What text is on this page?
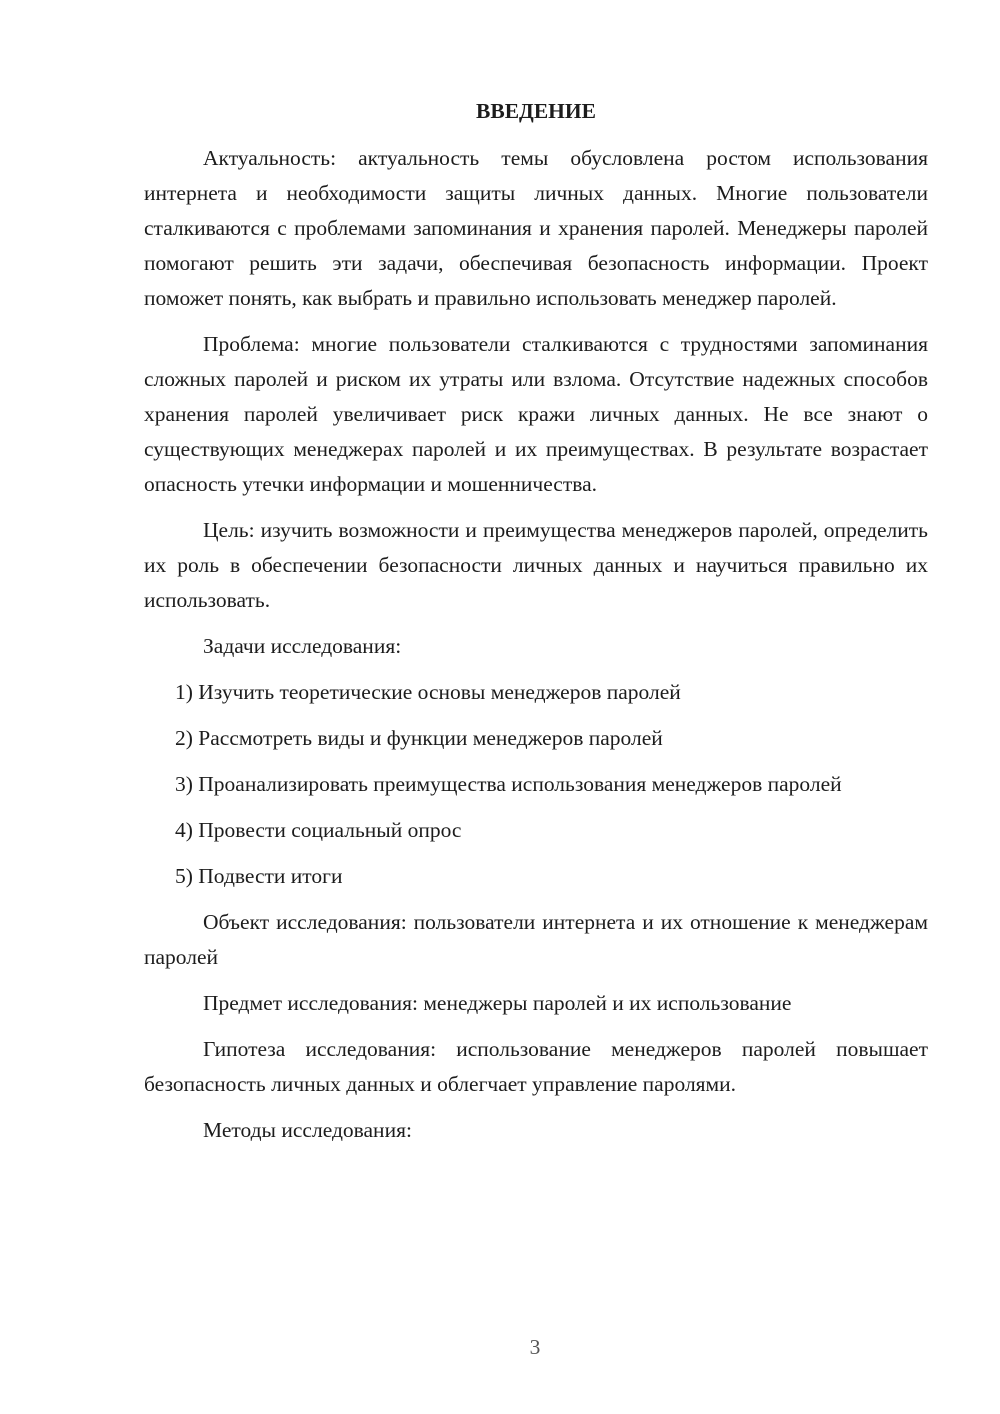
ВВЕДЕНИЕ
Актуальность: актуальность темы обусловлена ростом использования интернета и необходимости защиты личных данных. Многие пользователи сталкиваются с проблемами запоминания и хранения паролей. Менеджеры паролей помогают решить эти задачи, обеспечивая безопасность информации. Проект поможет понять, как выбрать и правильно использовать менеджер паролей.
Проблема: многие пользователи сталкиваются с трудностями запоминания сложных паролей и риском их утраты или взлома. Отсутствие надежных способов хранения паролей увеличивает риск кражи личных данных. Не все знают о существующих менеджерах паролей и их преимуществах. В результате возрастает опасность утечки информации и мошенничества.
Цель: изучить возможности и преимущества менеджеров паролей, определить их роль в обеспечении безопасности личных данных и научиться правильно их использовать.
Задачи исследования:
1) Изучить теоретические основы менеджеров паролей
2) Рассмотреть виды и функции менеджеров паролей
3) Проанализировать преимущества использования менеджеров паролей
4) Провести социальный опрос
5) Подвести итоги
Объект исследования: пользователи интернета и их отношение к менеджерам паролей
Предмет исследования: менеджеры паролей и их использование
Гипотеза исследования: использование менеджеров паролей повышает безопасность личных данных и облегчает управление паролями.
Методы исследования:
3
